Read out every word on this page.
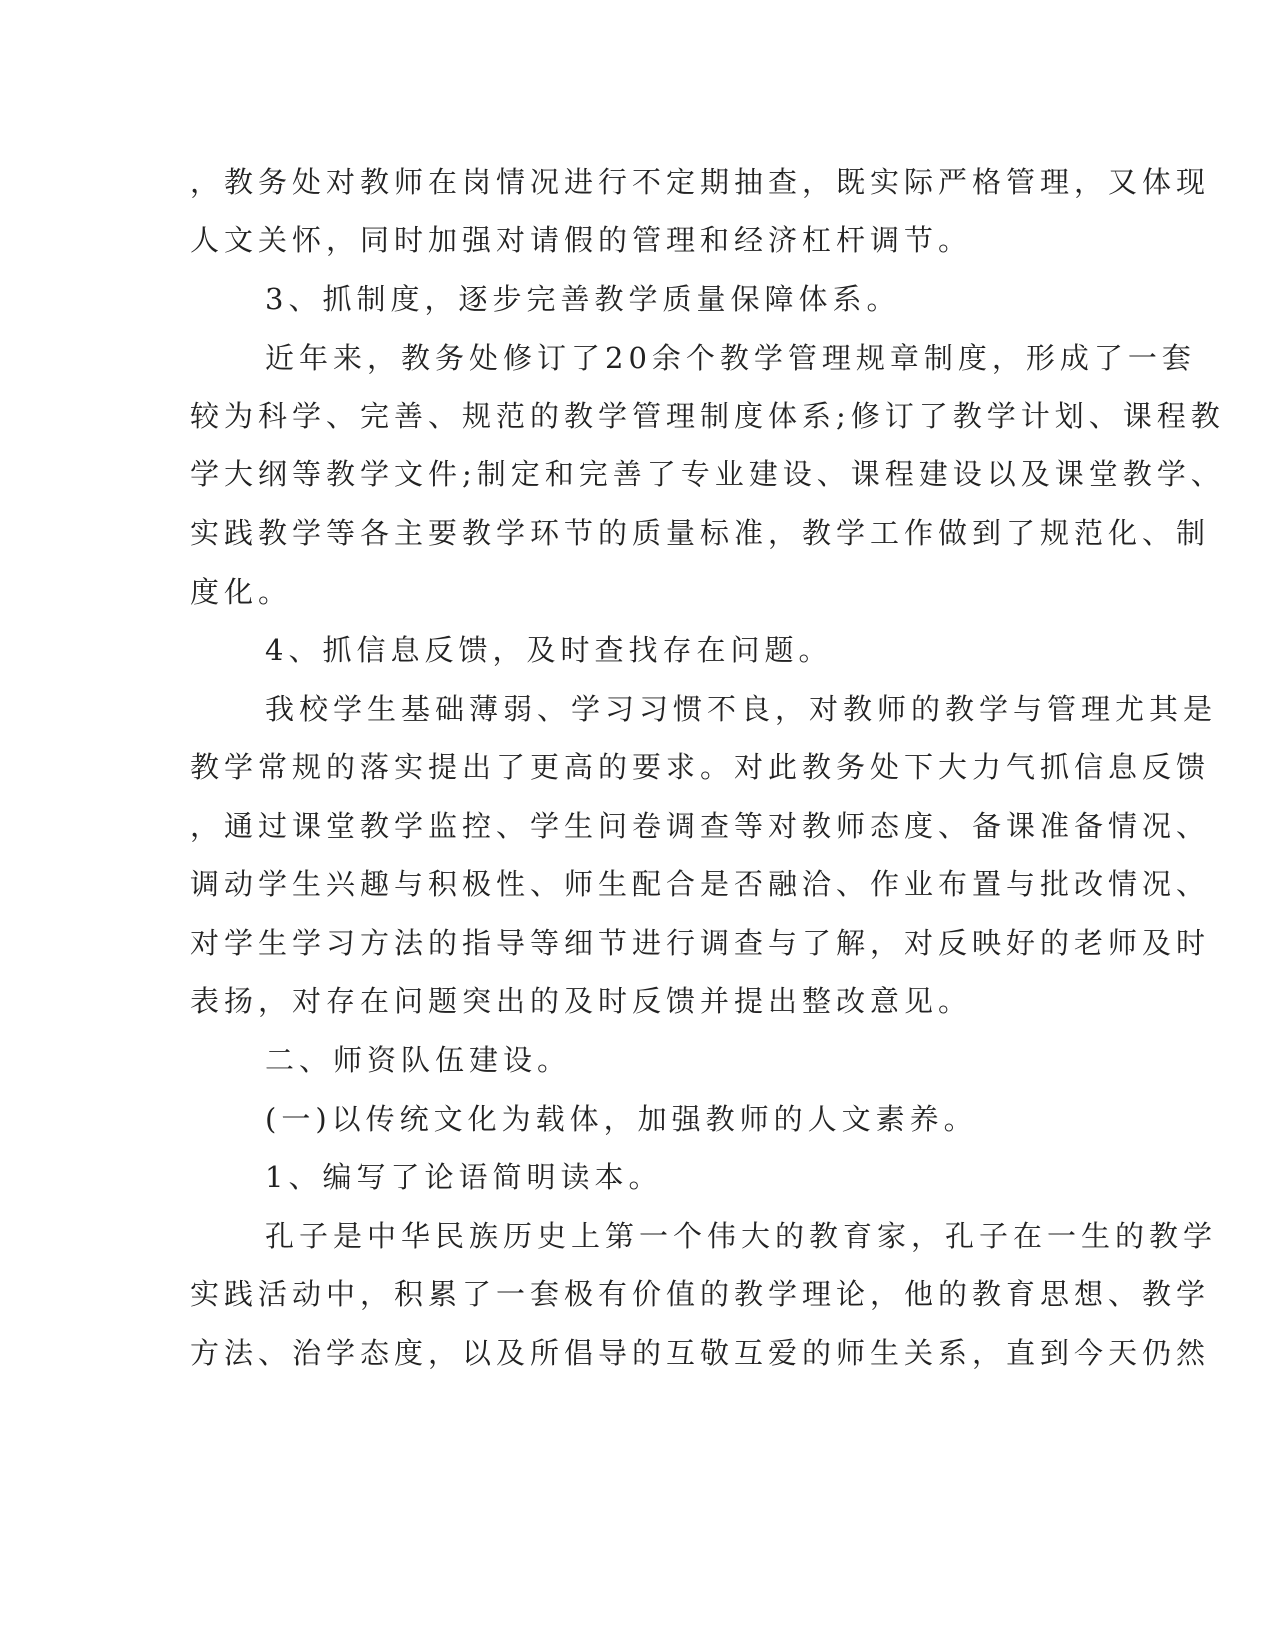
，教务处对教师在岗情况进行不定期抽查，既实际严格管理，又体现
人文关怀，同时加强对请假的管理和经济杠杆调节。
3、抓制度，逐步完善教学质量保障体系。
近年来，教务处修订了20余个教学管理规章制度，形成了一套
较为科学、完善、规范的教学管理制度体系;修订了教学计划、课程教
学大纲等教学文件;制定和完善了专业建设、课程建设以及课堂教学、
实践教学等各主要教学环节的质量标准，教学工作做到了规范化、制
度化。
4、抓信息反馈，及时查找存在问题。
我校学生基础薄弱、学习习惯不良，对教师的教学与管理尤其是
教学常规的落实提出了更高的要求。对此教务处下大力气抓信息反馈
，通过课堂教学监控、学生问卷调查等对教师态度、备课准备情况、
调动学生兴趣与积极性、师生配合是否融洽、作业布置与批改情况、
对学生学习方法的指导等细节进行调查与了解，对反映好的老师及时
表扬，对存在问题突出的及时反馈并提出整改意见。
二、师资队伍建设。
(一)以传统文化为载体，加强教师的人文素养。
1、编写了论语简明读本。
孔子是中华民族历史上第一个伟大的教育家，孔子在一生的教学
实践活动中，积累了一套极有价值的教学理论，他的教育思想、教学
方法、治学态度，以及所倡导的互敬互爱的师生关系，直到今天仍然
